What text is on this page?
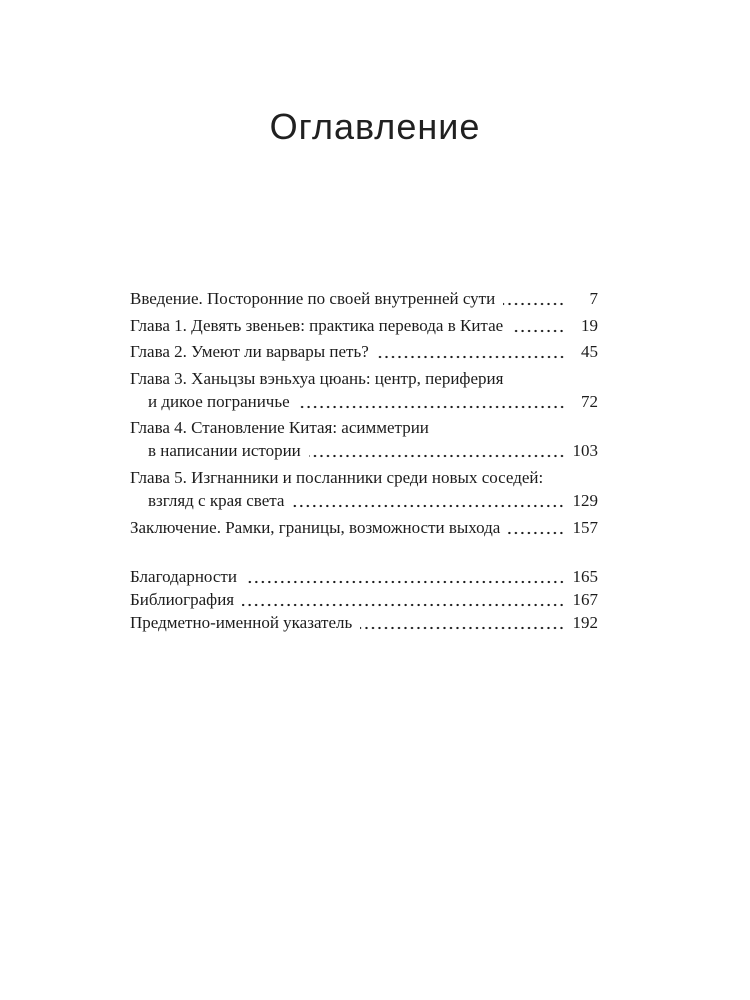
Оглавление
Введение. Посторонние по своей внутренней сути	7
Глава 1. Девять звеньев: практика перевода в Китае	19
Глава 2. Умеют ли варвары петь?	45
Глава 3. Ханьцзы вэньхуа цюань: центр, периферия
и дикое пограничье	72
Глава 4. Становление Китая: асимметрии
в написании истории	103
Глава 5. Изгнанники и посланники среди новых соседей:
взгляд с края света	129
Заключение. Рамки, границы, возможности выхода	157
Благодарности	165
Библиография	167
Предметно-именной указатель	192
